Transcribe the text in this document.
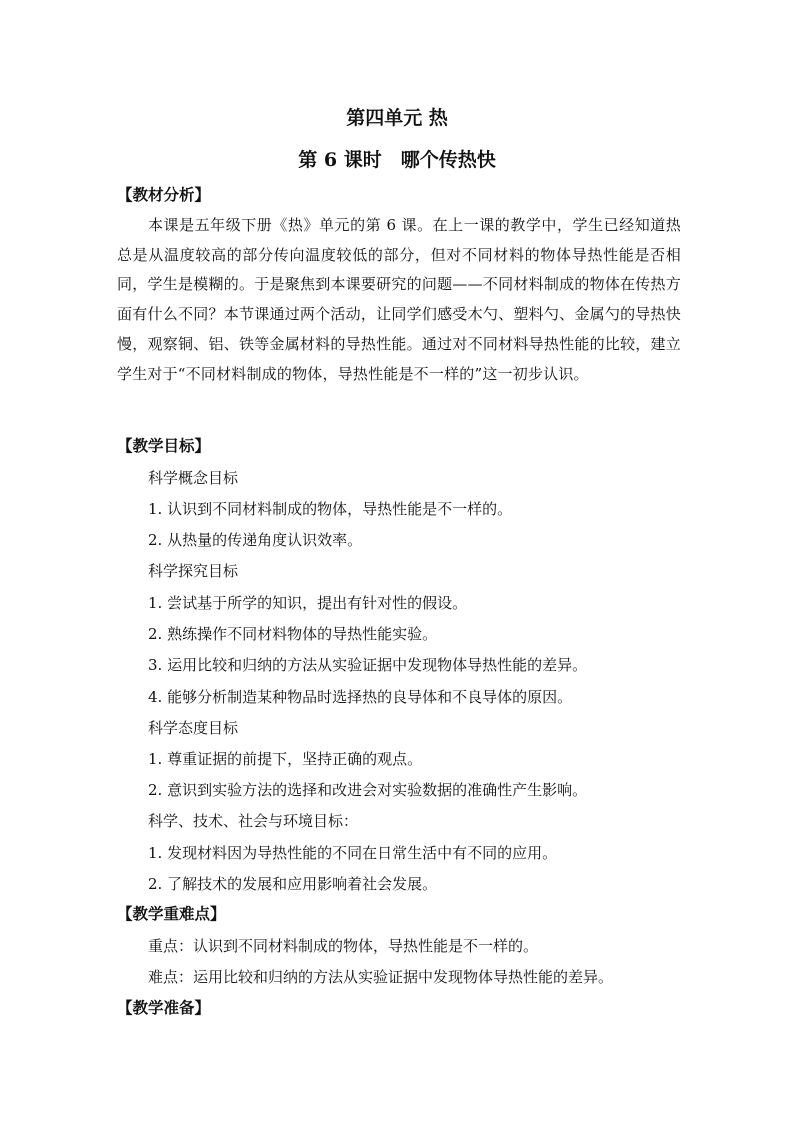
第四单元 热
第 6 课时　哪个传热快
【教材分析】

本课是五年级下册《热》单元的第 6 课。在上一课的教学中，学生已经知道热总是从温度较高的部分传向温度较低的部分，但对不同材料的物体导热性能是否相同，学生是模糊的。于是聚焦到本课要研究的问题——不同材料制成的物体在传热方面有什么不同？本节课通过两个活动，让同学们感受木勺、塑料勺、金属勺的导热快慢，观察铜、铝、铁等金属材料的导热性能。通过对不同材料导热性能的比较，建立学生对于“不同材料制成的物体，导热性能是不一样的”这一初步认识。

【教学目标】
科学概念目标
1. 认识到不同材料制成的物体，导热性能是不一样的。
2. 从热量的传递角度认识效率。
科学探究目标
1. 尝试基于所学的知识，提出有针对性的假设。
2. 熟练操作不同材料物体的导热性能实验。
3. 运用比较和归纳的方法从实验证据中发现物体导热性能的差异。
4. 能够分析制造某种物品时选择热的良导体和不良导体的原因。
科学态度目标
1. 尊重证据的前提下，坚持正确的观点。
2. 意识到实验方法的选择和改进会对实验数据的准确性产生影响。
科学、技术、社会与环境目标：
1. 发现材料因为导热性能的不同在日常生活中有不同的应用。
2. 了解技术的发展和应用影响着社会发展。
【教学重难点】
重点：认识到不同材料制成的物体，导热性能是不一样的。
难点：运用比较和归纳的方法从实验证据中发现物体导热性能的差异。
【教学准备】
